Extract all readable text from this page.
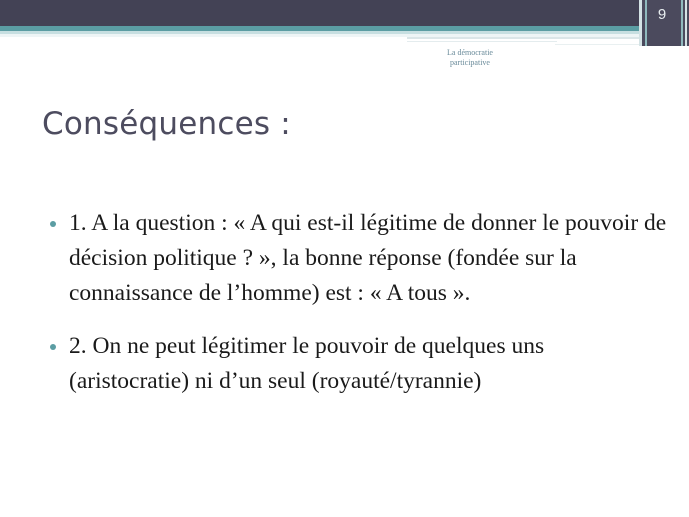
9
La démocratie
participative
Conséquences :
1. A la question : « A qui est-il légitime de donner le pouvoir de décision politique ? », la bonne réponse (fondée sur la connaissance de l’homme) est : « A tous ».
2. On ne peut légitimer le pouvoir de quelques uns (aristocratie) ni d’un seul (royauté/tyrannie)
